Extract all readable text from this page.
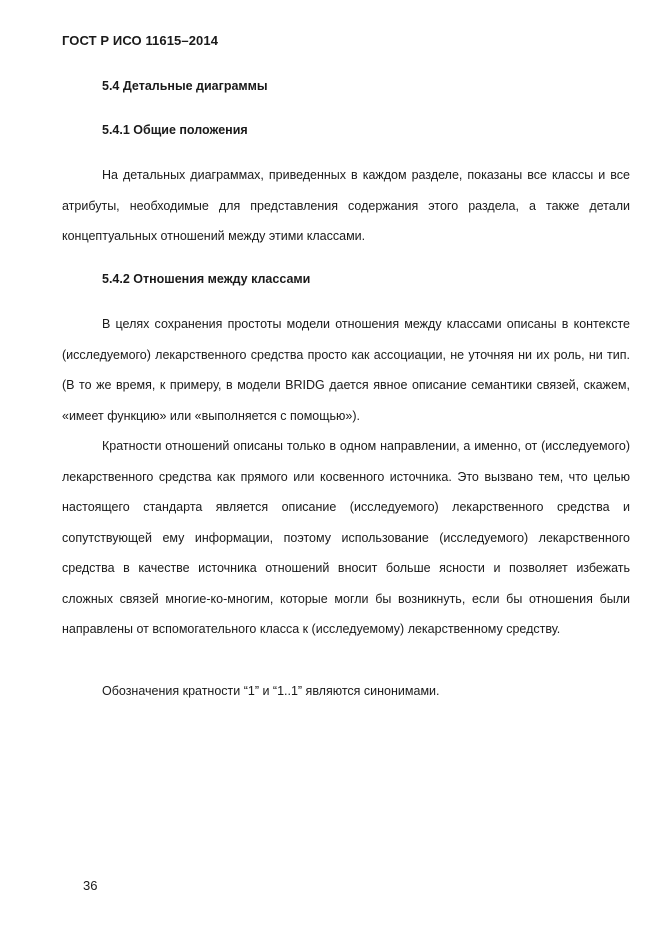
ГОСТ Р ИСО 11615–2014
5.4 Детальные диаграммы
5.4.1 Общие положения

На детальных диаграммах, приведенных в каждом разделе, показаны все классы и все атрибуты, необходимые для представления содержания этого раздела, а также детали концептуальных отношений между этими классами.

5.4.2 Отношения между классами

В целях сохранения простоты модели отношения между классами описаны в контексте (исследуемого) лекарственного средства просто как ассоциации, не уточняя ни их роль, ни тип. (В то же время, к примеру, в модели BRIDG дается явное описание семантики связей, скажем, «имеет функцию» или «выполняется с помощью»).

Кратности отношений описаны только в одном направлении, а именно, от (исследуемого) лекарственного средства как прямого или косвенного источника. Это вызвано тем, что целью настоящего стандарта является описание (исследуемого) лекарственного средства и сопутствующей ему информации, поэтому использование (исследуемого) лекарственного средства в качестве источника отношений вносит больше ясности и позволяет избежать сложных связей многие-ко-многим, которые могли бы возникнуть, если бы отношения были направлены от вспомогательного класса к (исследуемому) лекарственному средству.

Обозначения кратности “1” и “1..1” являются синонимами.

36
